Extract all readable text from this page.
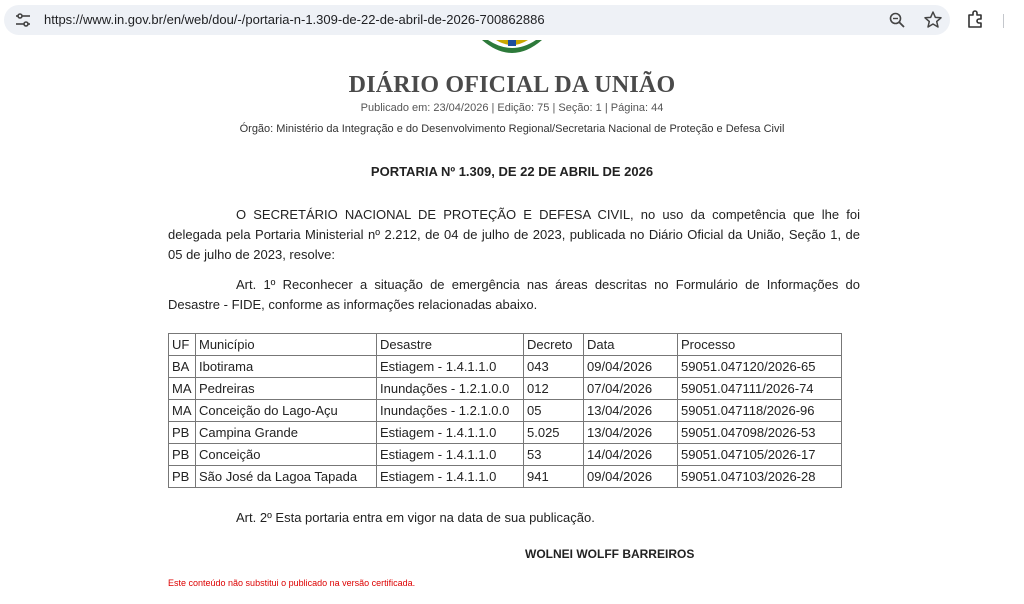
https://www.in.gov.br/en/web/dou/-/portaria-n-1.309-de-22-de-abril-de-2026-700862886
DIÁRIO OFICIAL DA UNIÃO
Publicado em: 23/04/2026 | Edição: 75 | Seção: 1 | Página: 44
Órgão: Ministério da Integração e do Desenvolvimento Regional/Secretaria Nacional de Proteção e Defesa Civil
PORTARIA Nº 1.309, DE 22 DE ABRIL DE 2026
O SECRETÁRIO NACIONAL DE PROTEÇÃO E DEFESA CIVIL, no uso da competência que lhe foi delegada pela Portaria Ministerial nº 2.212, de 04 de julho de 2023, publicada no Diário Oficial da União, Seção 1, de 05 de julho de 2023, resolve:
Art. 1º Reconhecer a situação de emergência nas áreas descritas no Formulário de Informações do Desastre - FIDE, conforme as informações relacionadas abaixo.
UF	Município	Desastre	Decreto	Data	Processo
BA	Ibotirama	Estiagem - 1.4.1.1.0	043	09/04/2026	59051.047120/2026-65
MA	Pedreiras	Inundações - 1.2.1.0.0	012	07/04/2026	59051.047111/2026-74
MA	Conceição do Lago-Açu	Inundações - 1.2.1.0.0	05	13/04/2026	59051.047118/2026-96
PB	Campina Grande	Estiagem - 1.4.1.1.0	5.025	13/04/2026	59051.047098/2026-53
PB	Conceição	Estiagem - 1.4.1.1.0	53	14/04/2026	59051.047105/2026-17
PB	São José da Lagoa Tapada	Estiagem - 1.4.1.1.0	941	09/04/2026	59051.047103/2026-28
Art. 2º Esta portaria entra em vigor na data de sua publicação.
WOLNEI WOLFF BARREIROS
Este conteúdo não substitui o publicado na versão certificada.
